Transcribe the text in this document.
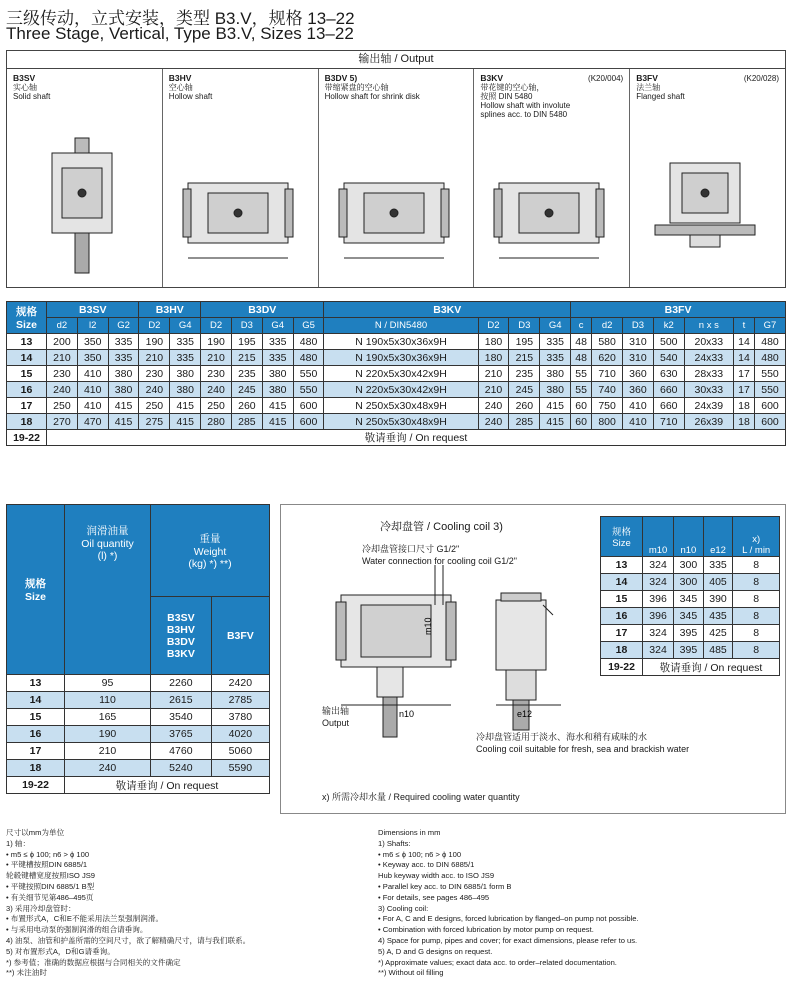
三级传动，立式安装，类型 B3.V，规格 13–22
Three Stage, Vertical, Type B3.V, Sizes 13–22
输出轴 / Output
B3SV
实心轴
Solid shaft
B3HV
空心轴
Hollow shaft
B3DV 5)
带缩紧盘的空心轴
Hollow shaft for shrink disk
B3KV	(K20/004)
带花键的空心轴，
按照 DIN 5480
Hollow shaft with involute
splines acc. to DIN 5480
B3FV	(K20/028)
法兰轴
Flanged shaft
规格
Size	B3SV			B3HV		B3DV				B3KV				B3FV						
	d2	l2	G2	D2	G4	D2	D3	G4	G5	N / DIN5480	D2	D3	G4	c	d2	D3	k2	n x s	t	G7
13	200	350	335	190	335	190	195	335	480	N 190x5x30x36x9H	180	195	335	48	580	310	500	20x33	14	480
14	210	350	335	210	335	210	215	335	480	N 190x5x30x36x9H	180	215	335	48	620	310	540	24x33	14	480
15	230	410	380	230	380	230	235	380	550	N 220x5x30x42x9H	210	235	380	55	710	360	630	28x33	17	550
16	240	410	380	240	380	240	245	380	550	N 220x5x30x42x9H	210	245	380	55	740	360	660	30x33	17	550
17	250	410	415	250	415	250	260	415	600	N 250x5x30x48x9H	240	260	415	60	750	410	660	24x39	18	600
18	270	470	415	275	415	280	285	415	600	N 250x5x30x48x9H	240	285	415	60	800	410	710	26x39	18	600
19-22	敬请垂询 / On request																			
规格
Size	润滑油量
Oil quantity
(l) *)	重量
Weight
(kg) *) **)	
		B3SV
B3HV
B3DV
B3KV	B3FV
13	95	2260	2420
14	110	2615	2785
15	165	3540	3780
16	190	3765	4020
17	210	4760	5060
18	240	5240	5590
19-22	敬请垂询 / On request		
m10
n10	e12
冷却盘管 / Cooling coil 3)
冷却盘管接口尺寸 G1/2"
Water connection for cooling coil G1/2"
输出轴
Output
冷却盘管适用于淡水、海水和稍有咸味的水
Cooling coil suitable for fresh, sea and brackish water
x) 所需冷却水量 / Required cooling water quantity
规格
Size	m10	n10	e12	x)
L / min
13	324	300	335	8
14	324	300	405	8
15	396	345	390	8
16	396	345	435	8
17	324	395	425	8
18	324	395	485	8
19-22	敬请垂询 / On request			
尺寸以mm为单位
1) 轴：
• m5 ≤ ϕ 100; n6 > ϕ 100
• 平键槽按照DIN 6885/1
轮毂键槽宽度按照ISO JS9
• 平键按照DIN 6885/1 B型
• 有关细节见第486–495页
3) 采用冷却盘管时：
• 布置形式A，C和E不能采用法兰泵强制润滑。
• 与采用电动泵的强制润滑的组合请垂询。
4) 油泵、油管和护盖所需的空间尺寸，欲了解精确尺寸，请与我们联系。
5) 对布置形式A，D和G请垂询。
*) 参考值；准确的数据应根据与合同相关的文件确定
**) 未注油时
Dimensions in mm
1) Shafts:
• m6 ≤ ϕ 100; n6 > ϕ 100
• Keyway acc. to DIN 6885/1
Hub keyway width acc. to ISO JS9
• Parallel key acc. to DIN 6885/1 form B
• For details, see pages 486–495
3) Cooling coil:
• For A, C and E designs, forced lubrication by flanged–on pump not possible.
• Combination with forced lubrication by motor pump on request.
4) Space for pump, pipes and cover; for exact dimensions, please refer to us.
5) A, D and G designs on request.
*) Approximate values; exact data acc. to order–related documentation.
**) Without oil filling
